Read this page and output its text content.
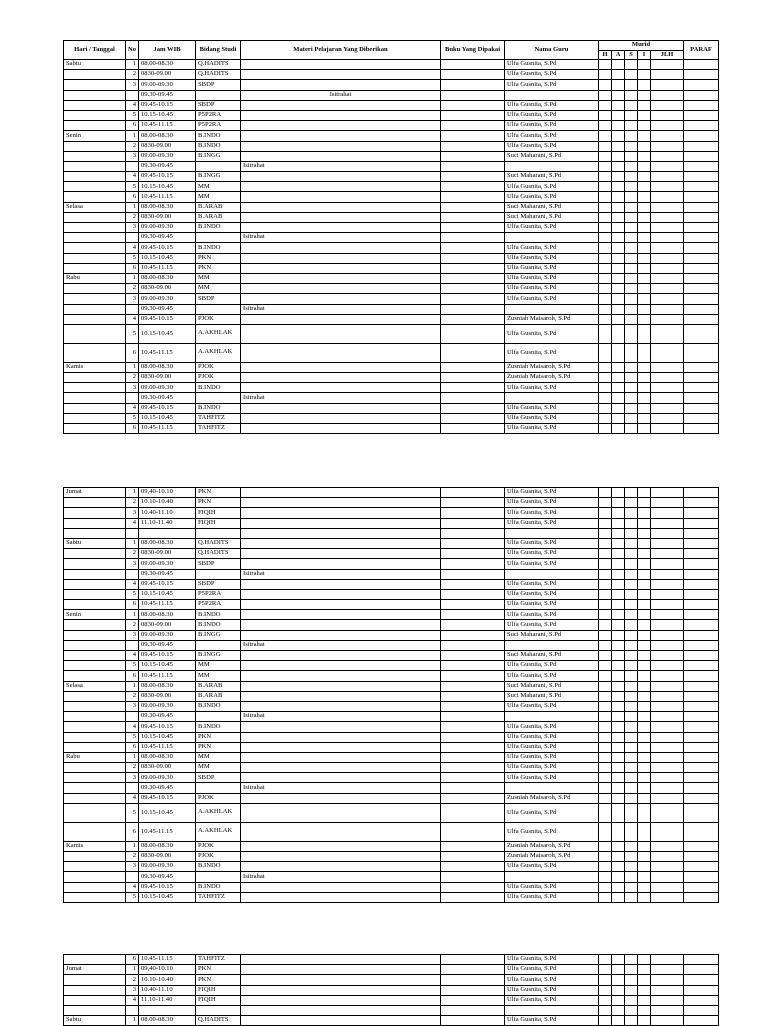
Hari / Tanggal	No	Jam WIB	Bidang Studi	Materi Pelajaran Yang Diberikan	Buku Yang Dipakai	Nama Guru	Murid					PARAF
							H	A	S	I	JLH	
Sabtu	1	08.00-08.30	Q.HADITS			Ulfa Gusnita, S.Pd						
	2	0830-09.00	Q.HADITS			Ulfa Gusnita, S.Pd						
	3	09.00-09.30	SBDP			Ulfa Gusnita, S.Pd						
		09.30-09.45		Isitrahat								
	4	09.45-10.15	SBDP			Ulfa Gusnita, S.Pd						
	5	10.15-10.45	P5P2RA			Ulfa Gusnita, S.Pd						
	6	10.45-11.15	P5P2RA			Ulfa Gusnita, S.Pd						
Senin	1	08.00-08.30	B.INDO			Ulfa Gusnita, S.Pd						
	2	0830-09.00	B.INDO			Ulfa Gusnita, S.Pd						
	3	09.00-09.30	B.INGG			Suci Maharani, S.Pd						
		09.30-09.45		Isitrahat								
	4	09.45-10.15	B.INGG			Suci Maharani, S.Pd						
	5	10.15-10.45	MM			Ulfa Gusnita, S.Pd						
	6	10.45-11.15	MM			Ulfa Gusnita, S.Pd						
Selasa	1	08.00-08.30	B.ARAB			Suci Maharani, S.Pd						
	2	0830-09.00	B.ARAB			Suci Maharani, S.Pd						
	3	09.00-09.30	B.INDO			Ulfa Gusnita, S.Pd						
		09.30-09.45		Isitrahat								
	4	09.45-10.15	B.INDO			Ulfa Gusnita, S.Pd						
	5	10.15-10.45	PKN			Ulfa Gusnita, S.Pd						
	6	10.45-11.15	PKN			Ulfa Gusnita, S.Pd						
Rabu	1	08.00-08.30	MM			Ulfa Gusnita, S.Pd						
	2	0830-09.00	MM			Ulfa Gusnita, S.Pd						
	3	09.00-09.30	SBDP			Ulfa Gusnita, S.Pd						
		09.30-09.45		Isitrahat								
	4	09.45-10.15	PJOK			Zusniah Maisaroh, S.Pd						
	5	10.15-10.45	A.AKHLAK			Ulfa Gusnita, S.Pd						
	6	10.45-11.15	A.AKHLAK			Ulfa Gusnita, S.Pd						
Kamis	1	08.00-08.30	PJOK			Zusniah Maisaroh, S.Pd						
	2	0830-09.00	PJOK			Zusniah Maisaroh, S.Pd						
	3	09.00-09.30	B.INDO			Ulfa Gusnita, S.Pd						
		09.30-09.45		Isitrahat								
	4	09.45-10.15	B.INDO			Ulfa Gusnita, S.Pd						
	5	10.15-10.45	TAHFITZ			Ulfa Gusnita, S.Pd						
	6	10.45-11.15	TAHFITZ			Ulfa Gusnita, S.Pd						
Jumat	1	09,40-10.10	PKN			Ulfa Gusnita, S.Pd						
	2	10.10-10.40	PKN			Ulfa Gusnita, S.Pd						
	3	10.40-11.10	FIQIH			Ulfa Gusnita, S.Pd						
	4	11.10-11.40	FIQIH			Ulfa Gusnita, S.Pd						

Sabtu	1	08.00-08.30	Q.HADITS			Ulfa Gusnita, S.Pd						
	2	0830-09.00	Q.HADITS			Ulfa Gusnita, S.Pd						
	3	09.00-09.30	SBDP			Ulfa Gusnita, S.Pd						
		09.30-09.45		Isitrahat								
	4	09.45-10.15	SBDP			Ulfa Gusnita, S.Pd						
	5	10.15-10.45	P5P2RA			Ulfa Gusnita, S.Pd						
	6	10.45-11.15	P5P2RA			Ulfa Gusnita, S.Pd						
Senin	1	08.00-08.30	B.INDO			Ulfa Gusnita, S.Pd						
	2	0830-09.00	B.INDO			Ulfa Gusnita, S.Pd						
	3	09.00-09.30	B.INGG			Suci Maharani, S.Pd						
		09.30-09.45		Isitrahat								
	4	09.45-10.15	B.INGG			Suci Maharani, S.Pd						
	5	10.15-10.45	MM			Ulfa Gusnita, S.Pd						
	6	10.45-11.15	MM			Ulfa Gusnita, S.Pd						
Selasa	1	08.00-08.30	B.ARAB			Suci Maharani, S.Pd						
	2	0830-09.00	B.ARAB			Suci Maharani, S.Pd						
	3	09.00-09.30	B.INDO			Ulfa Gusnita, S.Pd						
		09.30-09.45		Isitrahat								
	4	09.45-10.15	B.INDO			Ulfa Gusnita, S.Pd						
	5	10.15-10.45	PKN			Ulfa Gusnita, S.Pd						
	6	10.45-11.15	PKN			Ulfa Gusnita, S.Pd						
Rabu	1	08.00-08.30	MM			Ulfa Gusnita, S.Pd						
	2	0830-09.00	MM			Ulfa Gusnita, S.Pd						
	3	09.00-09.30	SBDP			Ulfa Gusnita, S.Pd						
		09.30-09.45		Isitrahat								
	4	09.45-10.15	PJOK			Zusniah Maisaroh, S.Pd						
	5	10.15-10.45	A.AKHLAK			Ulfa Gusnita, S.Pd						
	6	10.45-11.15	A.AKHLAK			Ulfa Gusnita, S.Pd						
Kamis	1	08.00-08.30	PJOK			Zusniah Maisaroh, S.Pd						
	2	0830-09.00	PJOK			Zusniah Maisaroh, S.Pd						
	3	09.00-09.30	B.INDO			Ulfa Gusnita, S.Pd						
		09.30-09.45		Isitrahat								
	4	09.45-10.15	B.INDO			Ulfa Gusnita, S.Pd						
	5	10.15-10.45	TAHFITZ			Ulfa Gusnita, S.Pd						
	6	10.45-11.15	TAHFITZ			Ulfa Gusnita, S.Pd						
Jumat	1	09,40-10.10	PKN			Ulfa Gusnita, S.Pd						
	2	10.10-10.40	PKN			Ulfa Gusnita, S.Pd						
	3	10.40-11.10	FIQIH			Ulfa Gusnita, S.Pd						
	4	11.10-11.40	FIQIH			Ulfa Gusnita, S.Pd						

Sabtu	1	08.00-08.30	Q.HADITS			Ulfa Gusnita, S.Pd						
